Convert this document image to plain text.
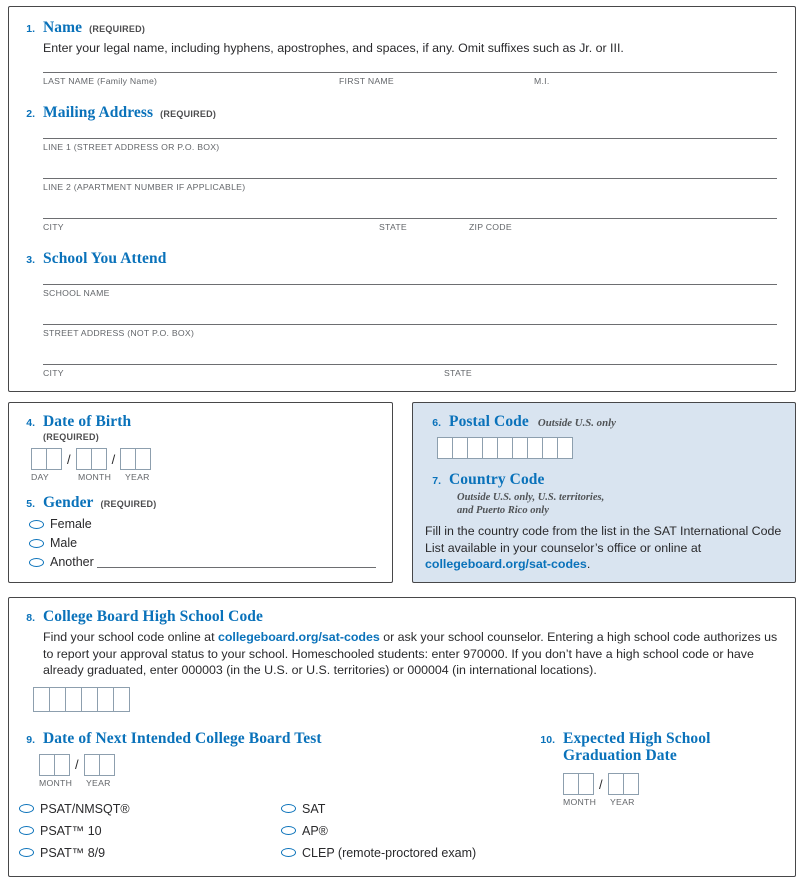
1. Name (REQUIRED)

Enter your legal name, including hyphens, apostrophes, and spaces, if any. Omit suffixes such as Jr. or III.

LAST NAME (Family Name)	FIRST NAME	M.I.
2. Mailing Address (REQUIRED)
LINE 1 (STREET ADDRESS OR P.O. BOX)
LINE 2 (APARTMENT NUMBER IF APPLICABLE)
CITY	STATE	ZIP CODE
3. School You Attend
SCHOOL NAME
STREET ADDRESS (NOT P.O. BOX)
CITY	STATE
4. Date of Birth
(REQUIRED)
/	/
DAY	MONTH	YEAR
5. Gender (REQUIRED)
Female
Male
Another
6. Postal Code Outside U.S. only
7. Country Code
Outside U.S. only, U.S. territories,
and Puerto Rico only

Fill in the country code from the list in the SAT International Code List available in your counselor’s office or online at collegeboard.org/sat-codes.

8. College Board High School Code

Find your school code online at collegeboard.org/sat-codes or ask your school counselor. Entering a high school code authorizes us to report your approval status to your school. Homeschooled students: enter 970000. If you don’t have a high school code or have already graduated, enter 000003 (in the U.S. or U.S. territories) or 000004 (in international locations).

9. Date of Next Intended College Board Test
/
MONTH	YEAR
PSAT/NMSQT®
PSAT™ 10
PSAT™ 8/9
SAT
AP®
CLEP (remote-proctored exam)
10. Expected High School Graduation Date
/
MONTH	YEAR
